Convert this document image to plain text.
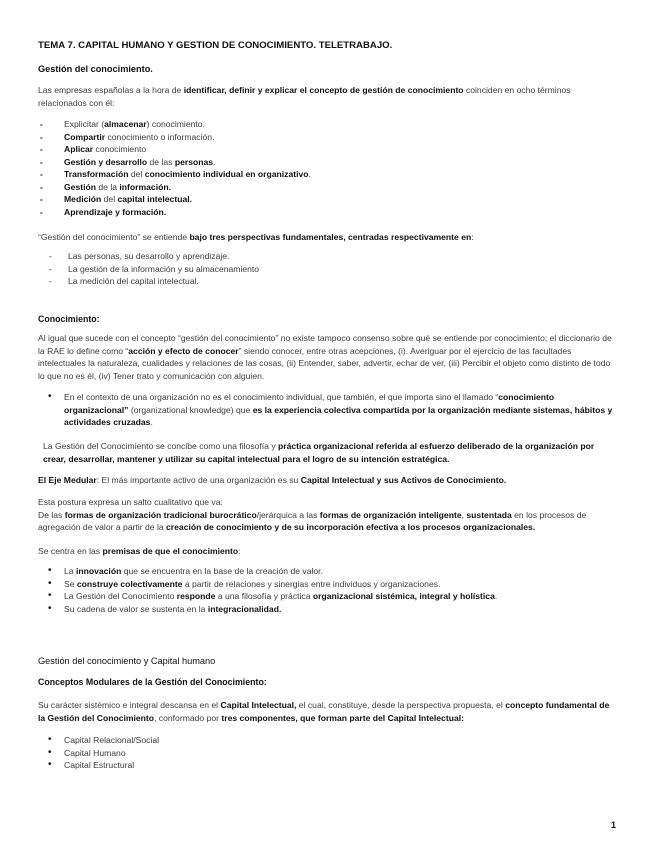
TEMA 7. CAPITAL HUMANO Y GESTION DE CONOCIMIENTO. TELETRABAJO.
Gestión del conocimiento.

Las empresas españolas a la hora de identificar, definir y explicar el concepto de gestión de conocimiento coinciden en ocho términos relacionados con él:

- Explicitar (almacenar) conocimiento.
- Compartir conocimiento o información.
- Aplicar conocimiento
- Gestión y desarrollo de las personas.
- Transformación del conocimiento individual en organizativo.
- Gestión de la información.
- Medición del capital intelectual.
- Aprendizaje y formación.

“Gestión del conocimiento” se entiende bajo tres perspectivas fundamentales, centradas respectivamente en:

- Las personas, su desarrollo y aprendizaje.
- La gestión de la información y su almacenamiento
- La medición del capital intelectual.
Conocimiento:

Al igual que sucede con el concepto “gestión del conocimiento” no existe tampoco consenso sobre qué se entiende por conocimiento; el diccionario de la RAE lo define como “acción y efecto de conocer” siendo conocer, entre otras acepciones, (i). Averiguar por el ejercicio de las facultades intelectuales la naturaleza, cualidades y relaciones de las cosas, (ii) Entender, saber, advertir, echar de ver, (iii) Percibir el objeto como distinto de todo lo que no es él, (iv) Tener trato y comunicación con alguien.

• En el contexto de una organización no es el conocimiento individual, que también, el que importa sino el llamado “conocimiento organizacional” (organizational knowledge) que es la experiencia colectiva compartida por la organización mediante sistemas, hábitos y actividades cruzadas.

La Gestión del Conocimiento se concibe como una filosofía y práctica organizacional referida al esfuerzo deliberado de la organización por crear, desarrollar, mantener y utilizar su capital intelectual para el logro de su intención estratégica.

El Eje Medular: El más importante activo de una organización es su Capital Intelectual y sus Activos de Conocimiento.

Esta postura expresa un salto cualitativo que va:

De las formas de organización tradicional burocrático/jerárquica a las formas de organización inteligente, sustentada en los procesos de agregación de valor a partir de la creación de conocimiento y de su incorporación efectiva a los procesos organizacionales.

Se centra en las premisas de que el conocimiento:

• La innovación que se encuentra en la base de la creación de valor.
• Se construye colectivamente a partir de relaciones y sinergias entre individuos y organizaciones.
• La Gestión del Conocimiento responde a una filosofía y práctica organizacional sistémica, integral y holística.
• Su cadena de valor se sustenta en la integracionalidad.
Gestión del conocimiento y Capital humano
Conceptos Modulares de la Gestión del Conocimiento:

Su carácter sistémico e integral descansa en el Capital Intelectual, el cual, constituye, desde la perspectiva propuesta, el concepto fundamental de la Gestión del Conocimiento, conformado por tres componentes, que forman parte del Capital Intelectual:

• Capital Relacional/Social
• Capital Humano
• Capital Estructural
1
